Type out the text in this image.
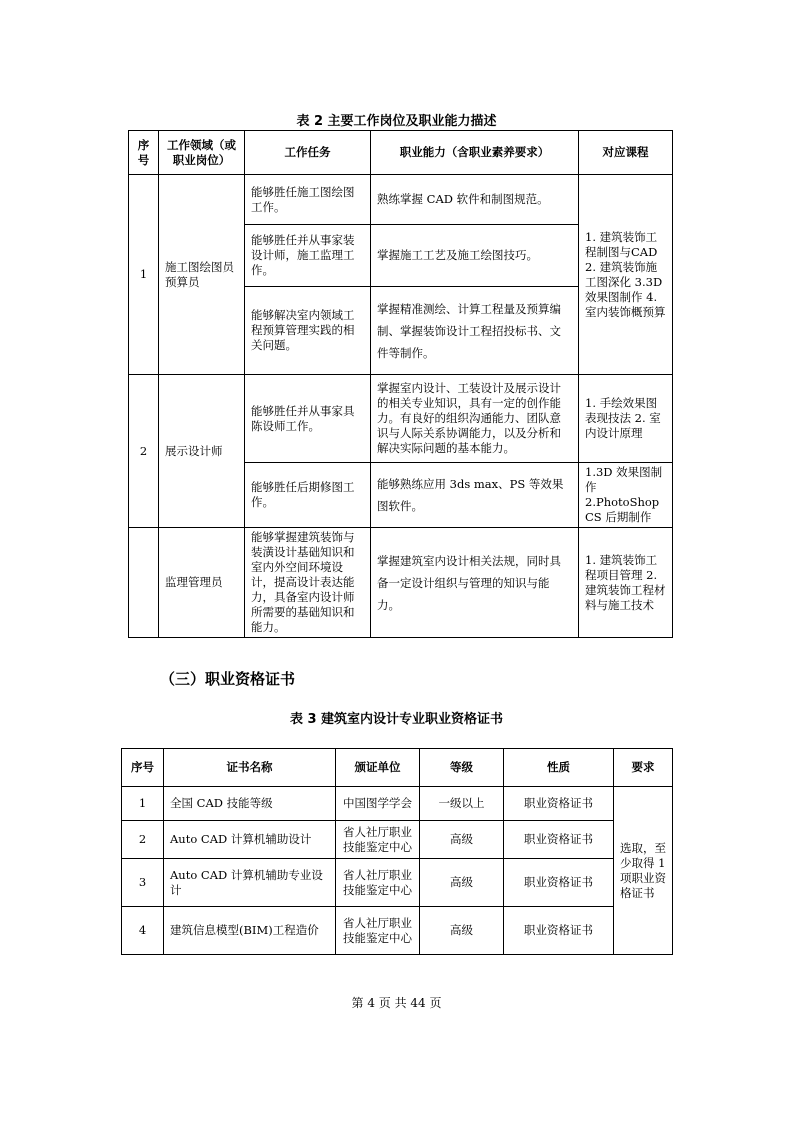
表 2 主要工作岗位及职业能力描述
序号	工作领域（或职业岗位）	工作任务	职业能力（含职业素养要求）	对应课程
1	施工图绘图员预算员	能够胜任施工图绘图工作。	熟练掌握 CAD 软件和制图规范。	1. 建筑装饰工程制图与CAD 2. 建筑装饰施工图深化 3.3D 效果图制作 4. 室内装饰概预算
		能够胜任并从事家装设计师，施工监理工作。	掌握施工工艺及施工绘图技巧。	
		能够解决室内领域工程预算管理实践的相关问题。	掌握精准测绘、计算工程量及预算编制、掌握装饰设计工程招投标书、文件等制作。	
2	展示设计师	能够胜任并从事家具陈设师工作。	掌握室内设计、工装设计及展示设计的相关专业知识，具有一定的创作能力。有良好的组织沟通能力、团队意识与人际关系协调能力，以及分析和解决实际问题的基本能力。	1. 手绘效果图表现技法 2. 室内设计原理
		能够胜任后期修图工作。	能够熟练应用 3ds max、PS 等效果图软件。	1.3D 效果图制作 2.PhotoShop CS 后期制作
	监理管理员	能够掌握建筑装饰与装潢设计基础知识和室内外空间环境设计，提高设计表达能力，具备室内设计师所需要的基础知识和能力。	掌握建筑室内设计相关法规，同时具备一定设计组织与管理的知识与能力。	1. 建筑装饰工程项目管理 2. 建筑装饰工程材料与施工技术
（三）职业资格证书
表 3 建筑室内设计专业职业资格证书
序号	证书名称	颁证单位	等级	性质	要求
1	全国 CAD 技能等级	中国图学学会	一级以上	职业资格证书	选取，至少取得 1 项职业资格证书
2	Auto CAD 计算机辅助设计	省人社厅职业技能鉴定中心	高级	职业资格证书	
3	Auto CAD 计算机辅助专业设计	省人社厅职业技能鉴定中心	高级	职业资格证书	
4	建筑信息模型(BIM)工程造价	省人社厅职业技能鉴定中心	高级	职业资格证书	
第 4 页 共 44 页
